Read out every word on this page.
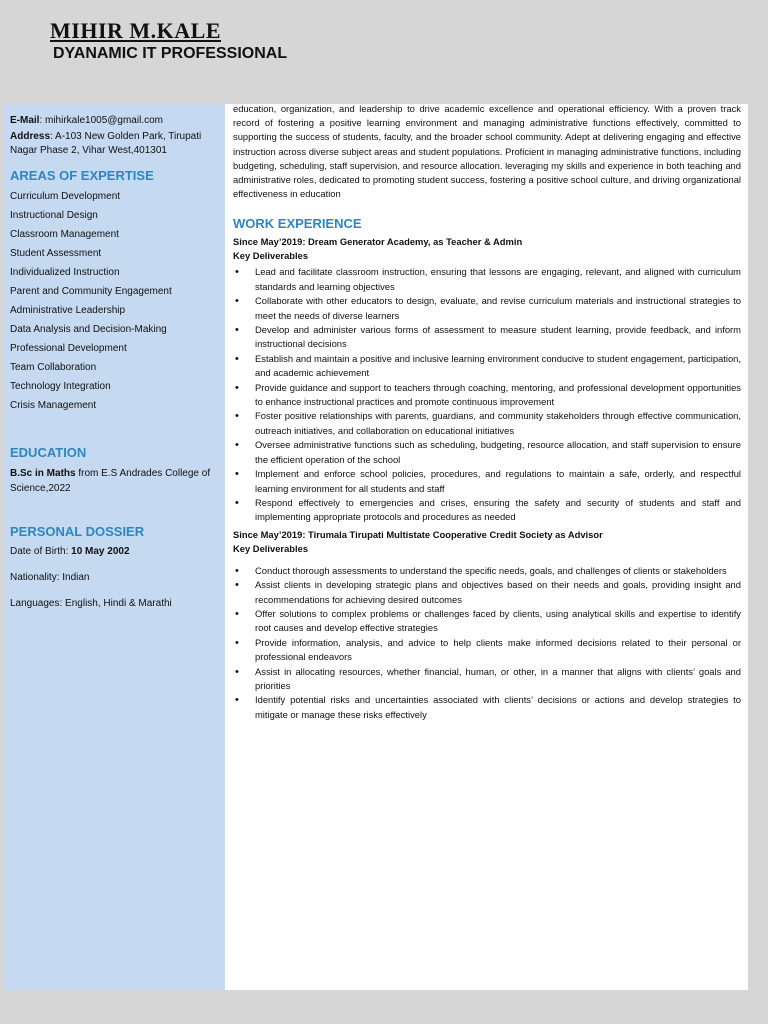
MIHIR M.KALE
DYANAMIC IT PROFESSIONAL

E-Mail: mihirkale1005@gmail.com

Address: A-103 New Golden Park, Tirupati Nagar Phase 2, Vihar West,401301

AREAS OF EXPERTISE
Curriculum Development
Instructional Design
Classroom Management
Student Assessment
Individualized Instruction
Parent and Community Engagement
Administrative Leadership
Data Analysis and Decision-Making
Professional Development
Team Collaboration
Technology Integration
Crisis Management
EDUCATION

B.Sc in Maths from E.S Andrades College of Science,2022

PERSONAL DOSSIER

Date of Birth: 10 May 2002

Nationality: Indian

Languages: English, Hindi & Marathi

education, organization, and leadership to drive academic excellence and operational efficiency. With a proven track record of fostering a positive learning environment and managing administrative functions effectively, committed to supporting the success of students, faculty, and the broader school community. Adept at delivering engaging and effective instruction across diverse subject areas and student populations. Proficient in managing administrative functions, including budgeting, scheduling, staff supervision, and resource allocation. leveraging my skills and experience in both teaching and administrative roles, dedicated to promoting student success, fostering a positive school culture, and driving organizational effectiveness in education

WORK EXPERIENCE

Since May’2019: Dream Generator Academy, as Teacher & Admin

Key Deliverables

• Lead and facilitate classroom instruction, ensuring that lessons are engaging, relevant, and aligned with curriculum standards and learning objectives
• Collaborate with other educators to design, evaluate, and revise curriculum materials and instructional strategies to meet the needs of diverse learners
• Develop and administer various forms of assessment to measure student learning, provide feedback, and inform instructional decisions
• Establish and maintain a positive and inclusive learning environment conducive to student engagement, participation, and academic achievement
• Provide guidance and support to teachers through coaching, mentoring, and professional development opportunities to enhance instructional practices and promote continuous improvement
• Foster positive relationships with parents, guardians, and community stakeholders through effective communication, outreach initiatives, and collaboration on educational initiatives
• Oversee administrative functions such as scheduling, budgeting, resource allocation, and staff supervision to ensure the efficient operation of the school
• Implement and enforce school policies, procedures, and regulations to maintain a safe, orderly, and respectful learning environment for all students and staff
• Respond effectively to emergencies and crises, ensuring the safety and security of students and staff and implementing appropriate protocols and procedures as needed

Since May’2019: Tirumala Tirupati Multistate Cooperative Credit Society as Advisor

Key Deliverables

• Conduct thorough assessments to understand the specific needs, goals, and challenges of clients or stakeholders
• Assist clients in developing strategic plans and objectives based on their needs and goals, providing insight and recommendations for achieving desired outcomes
• Offer solutions to complex problems or challenges faced by clients, using analytical skills and expertise to identify root causes and develop effective strategies
• Provide information, analysis, and advice to help clients make informed decisions related to their personal or professional endeavors
• Assist in allocating resources, whether financial, human, or other, in a manner that aligns with clients’ goals and priorities
• Identify potential risks and uncertainties associated with clients’ decisions or actions and develop strategies to mitigate or manage these risks effectively
